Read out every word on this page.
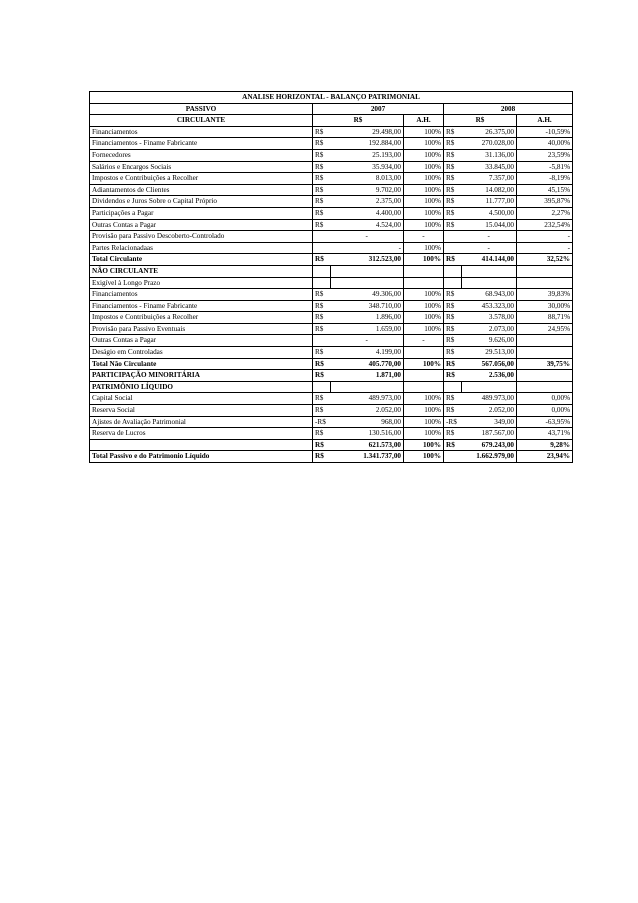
ANALISE HORIZONTAL - BALANÇO PATRIMONIAL						
PASSIVO	2007			2008		
CIRCULANTE	R$		A.H.	R$		A.H.
Financiamentos	R$	29.498,00	100%	R$	26.375,00	-10,59%
Financiamentos - Finame Fabricante	R$	192.884,00	100%	R$	270.028,00	40,00%
Fornecedores	R$	25.193,00	100%	R$	31.136,00	23,59%
Salários e Encargos Sociais	R$	35.934,00	100%	R$	33.845,00	-5,81%
Impostos e Contribuições a Recolher	R$	8.013,00	100%	R$	7.357,00	-8,19%
Adiantamentos de Clientes	R$	9.702,00	100%	R$	14.082,00	45,15%
Dividendos e Juros Sobre o Capital Próprio	R$	2.375,00	100%	R$	11.777,00	395,87%
Participações a Pagar	R$	4.400,00	100%	R$	4.500,00	2,27%
Outras Contas a Pagar	R$	4.524,00	100%	R$	15.044,00	232,54%
Provisão para Passivo Descoberto-Controlado		-	-		-	-
Partes Relacionadaas		-	100%		-	-
Total Circulante	R$	312.523,00	100%	R$	414.144,00	32,52%
NÃO CIRCULANTE						
Exigível à Longo Prazo						
Financiamentos	R$	49.306,00	100%	R$	68.943,00	39,83%
Financiamentos - Finame Fabricante	R$	348.710,00	100%	R$	453.323,00	30,00%
Impostos e Contribuições a Recolher	R$	1.896,00	100%	R$	3.578,00	88,71%
Provisão para Passivo Eventuais	R$	1.659,00	100%	R$	2.073,00	24,95%
Outras Contas a Pagar		-	-	R$	9.626,00	
Deságio em Controladas	R$	4.199,00		R$	29.513,00	
Total Não Circulante	R$	405.770,00	100%	R$	567.056,00	39,75%
PARTICIPAÇÃO MINORITÁRIA	R$	1.871,00		R$	2.536,00	
PATRIMÔNIO LÍQUIDO						
Capital Social	R$	489.973,00	100%	R$	489.973,00	0,00%
Reserva Social	R$	2.052,00	100%	R$	2.052,00	0,00%
Ajistes de Avaliação Patrimonial	-R$	968,00	100%	-R$	349,00	-63,95%
Reserva de Lucros	R$	130.516,00	100%	R$	187.567,00	43,71%
	R$	621.573,00	100%	R$	679.243,00	9,28%
Total Passivo e do Patrimonio Líquido	R$	1.341.737,00	100%		1.662.979,00	23,94%
